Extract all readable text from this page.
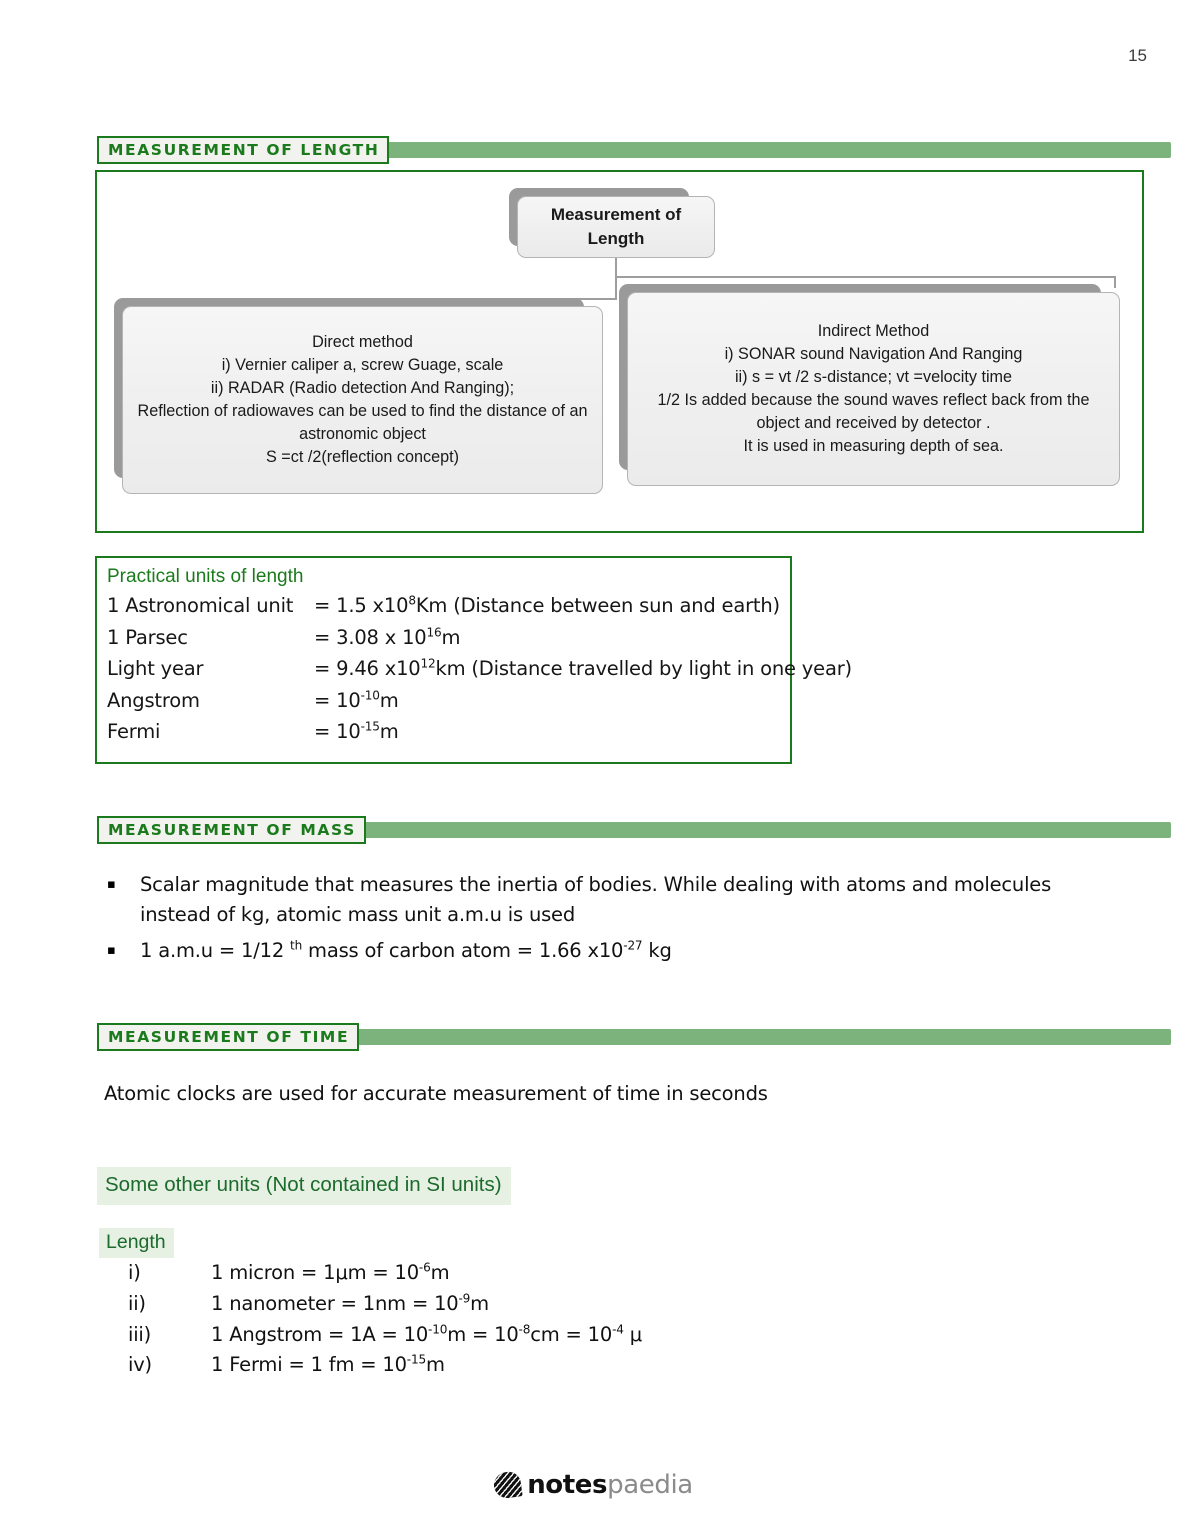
15
MEASUREMENT OF LENGTH
Measurement of Length
Direct method
i) Vernier caliper a, screw Guage, scale
ii) RADAR (Radio detection And Ranging);
Reflection of radiowaves can be used to find the distance of an astronomic object
S =ct /2(reflection concept)
Indirect Method
i) SONAR sound Navigation And Ranging
ii) s = vt /2 s-distance; vt =velocity time
1/2 Is added because the sound waves reflect back from the object and received by detector .
It is used in measuring depth of sea.
Practical units of length
1 Astronomical unit	= 1.5 $x10^8Km$ (Distance between sun and earth)
1 Parsec	= 3.08 x $10^{16}m$
Light year	= 9.46 $x10^{12}km$ (Distance travelled by light in one year)
Angstrom	= $10^{-10}m$
Fermi	= $10^{-15}m$
MEASUREMENT OF MASS
▪	Scalar magnitude that measures the inertia of bodies. While dealing with atoms and molecules instead of kg, atomic mass unit a.m.u is used
▪	1 a.m.u = 1/12 $^{th}$ mass of carbon atom = 1.66 $x10^{-27}$ kg
MEASUREMENT OF TIME
Atomic clocks are used for accurate measurement of time in seconds
Some other units (Not contained in SI units)
Length
i)	1 micron = $1\mu m = 10^{-6}m$
ii)	1 nanometer = $1nm = 10^{-9}m$
iii)	1 Angstrom = $1A = 10^{-10}m = 10^{-8}cm = 10^{-4}$ μ
iv)	1 Fermi = 1 fm = $10^{-15}m$
notespaedia
